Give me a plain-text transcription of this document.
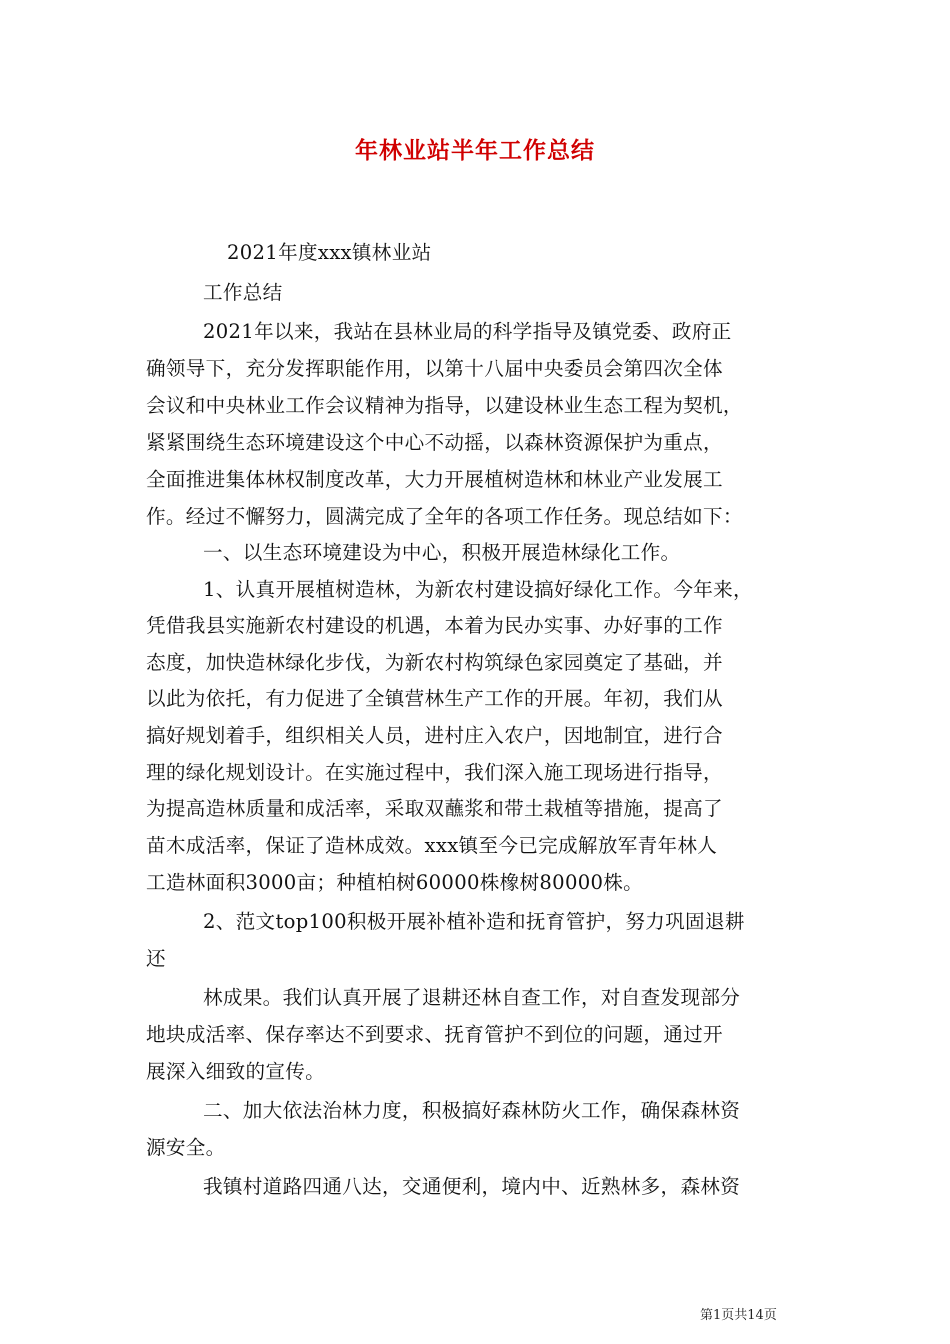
年林业站半年工作总结
2021年度xxx镇林业站
工作总结
2021年以来，我站在县林业局的科学指导及镇党委、政府正
确领导下，充分发挥职能作用，以第十八届中央委员会第四次全体
会议和中央林业工作会议精神为指导，以建设林业生态工程为契机，
紧紧围绕生态环境建设这个中心不动摇，以森林资源保护为重点，
全面推进集体林权制度改革，大力开展植树造林和林业产业发展工
作。经过不懈努力，圆满完成了全年的各项工作任务。现总结如下：
一、以生态环境建设为中心，积极开展造林绿化工作。
1、认真开展植树造林，为新农村建设搞好绿化工作。今年来，
凭借我县实施新农村建设的机遇，本着为民办实事、办好事的工作
态度，加快造林绿化步伐，为新农村构筑绿色家园奠定了基础，并
以此为依托，有力促进了全镇营林生产工作的开展。年初，我们从
搞好规划着手，组织相关人员，进村庄入农户，因地制宜，进行合
理的绿化规划设计。在实施过程中，我们深入施工现场进行指导，
为提高造林质量和成活率，采取双蘸浆和带土栽植等措施，提高了
苗木成活率，保证了造林成效。xxx镇至今已完成解放军青年林人
工造林面积3000亩；种植柏树60000株橡树80000株。
2、范文top100积极开展补植补造和抚育管护，努力巩固退耕
还
林成果。我们认真开展了退耕还林自查工作，对自查发现部分
地块成活率、保存率达不到要求、抚育管护不到位的问题，通过开
展深入细致的宣传。
二、加大依法治林力度，积极搞好森林防火工作，确保森林资
源安全。
我镇村道路四通八达，交通便利，境内中、近熟林多，森林资
第1页共14页
